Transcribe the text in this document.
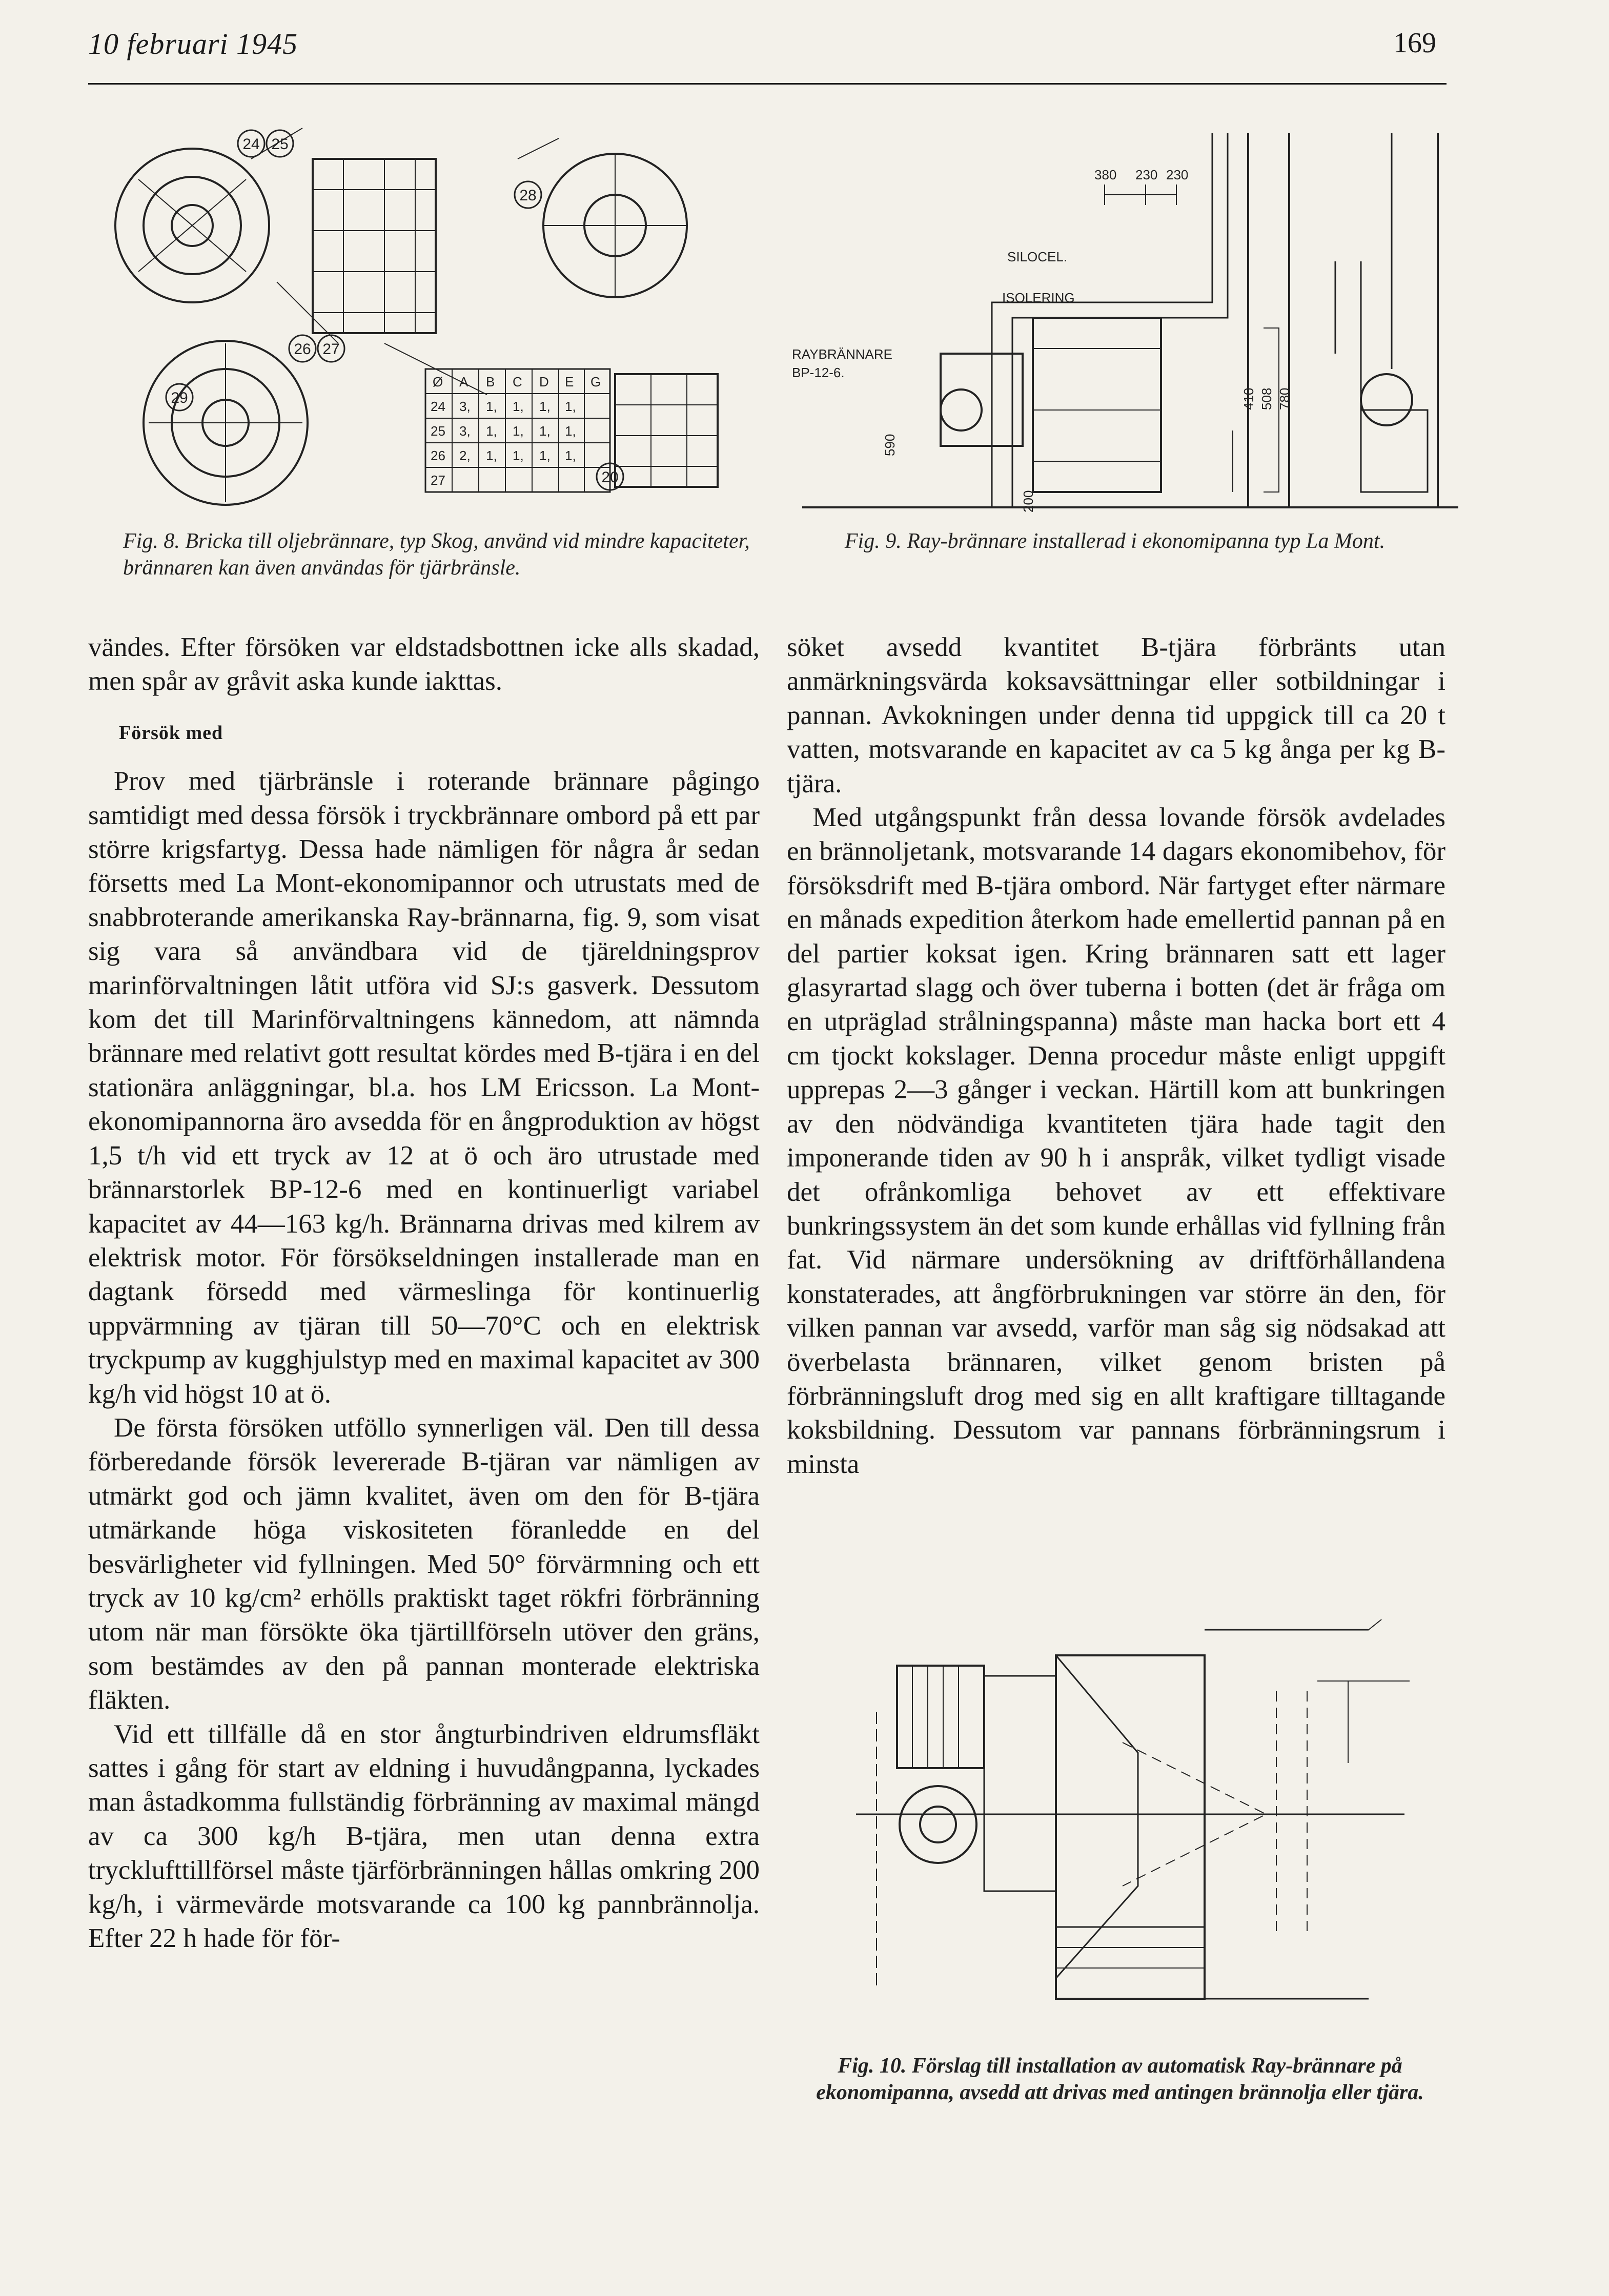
10 februari 1945	169
Ø A B C D E G
24 3, 1, 1, 1, 1,
25 3, 1, 1, 1, 1,
26 2, 1, 1, 1, 1,
27
24 25
26 27
28
29
20
Fig. 8. Bricka till oljebrännare, typ Skog, använd vid mindre kapaciteter, brännaren kan även användas för tjärbränsle.
SILOCEL.
ISOLERING
RAYBRÄNNARE
BP-12-6.
380 230 230
590
410 508 780
200
Fig. 9. Ray-brännare installerad i ekonomipanna typ La Mont.

vändes. Efter försöken var eldstadsbottnen icke alls skadad, men spår av gråvit aska kunde iakttas.

Försök med

Prov med tjärbränsle i roterande brännare pågingo samtidigt med dessa försök i tryckbrännare ombord på ett par större krigsfartyg. Dessa hade nämligen för några år sedan försetts med La Mont-ekonomipannor och utrustats med de snabbroterande amerikanska Ray-brännarna, fig. 9, som visat sig vara så användbara vid de tjäreldningsprov marinförvaltningen låtit utföra vid SJ:s gasverk. Dessutom kom det till Marinförvaltningens kännedom, att nämnda brännare med relativt gott resultat kördes med B-tjära i en del stationära anläggningar, bl.a. hos LM Ericsson. La Mont-ekonomipannorna äro avsedda för en ångproduktion av högst 1,5 t/h vid ett tryck av 12 at ö och äro utrustade med brännarstorlek BP-12-6 med en kontinuerligt variabel kapacitet av 44—163 kg/h. Brännarna drivas med kilrem av elektrisk motor. För försökseldningen installerade man en dagtank försedd med värmeslinga för kontinuerlig uppvärmning av tjäran till 50—70°C och en elektrisk tryckpump av kugghjulstyp med en maximal kapacitet av 300 kg/h vid högst 10 at ö.

De första försöken utföllo synnerligen väl. Den till dessa förberedande försök levererade B-tjäran var nämligen av utmärkt god och jämn kvalitet, även om den för B-tjära utmärkande höga viskositeten föranledde en del besvärligheter vid fyllningen. Med 50° förvärmning och ett tryck av 10 kg/cm² erhölls praktiskt taget rökfri förbränning utom när man försökte öka tjärtillförseln utöver den gräns, som bestämdes av den på pannan monterade elektriska fläkten.

Vid ett tillfälle då en stor ångturbindriven eldrumsfläkt sattes i gång för start av eldning i huvudångpanna, lyckades man åstadkomma fullständig förbränning av maximal mängd av ca 300 kg/h B-tjära, men utan denna extra trycklufttillförsel måste tjärförbränningen hållas omkring 200 kg/h, i värmevärde motsvarande ca 100 kg pannbrännolja. Efter 22 h hade för för-

söket avsedd kvantitet B-tjära förbränts utan anmärkningsvärda koksavsättningar eller sotbildningar i pannan. Avkokningen under denna tid uppgick till ca 20 t vatten, motsvarande en kapacitet av ca 5 kg ånga per kg B-tjära.

Med utgångspunkt från dessa lovande försök avdelades en brännoljetank, motsvarande 14 dagars ekonomibehov, för försöksdrift med B-tjära ombord. När fartyget efter närmare en månads expedition återkom hade emellertid pannan på en del partier koksat igen. Kring brännaren satt ett lager glasyrartad slagg och över tuberna i botten (det är fråga om en utpräglad strålningspanna) måste man hacka bort ett 4 cm tjockt kokslager. Denna procedur måste enligt uppgift upprepas 2—3 gånger i veckan. Härtill kom att bunkringen av den nödvändiga kvantiteten tjära hade tagit den imponerande tiden av 90 h i anspråk, vilket tydligt visade det ofrånkomliga behovet av ett effektivare bunkringssystem än det som kunde erhållas vid fyllning från fat. Vid närmare undersökning av driftförhållandena konstaterades, att ångförbrukningen var större än den, för vilken pannan var avsedd, varför man såg sig nödsakad att överbelasta brännaren, vilket genom bristen på förbränningsluft drog med sig en allt kraftigare tilltagande koksbildning. Dessutom var pannans förbränningsrum i minsta

Fig. 10. Förslag till installation av automatisk Ray-brännare på ekonomipanna, avsedd att drivas med antingen brännolja eller tjära.
